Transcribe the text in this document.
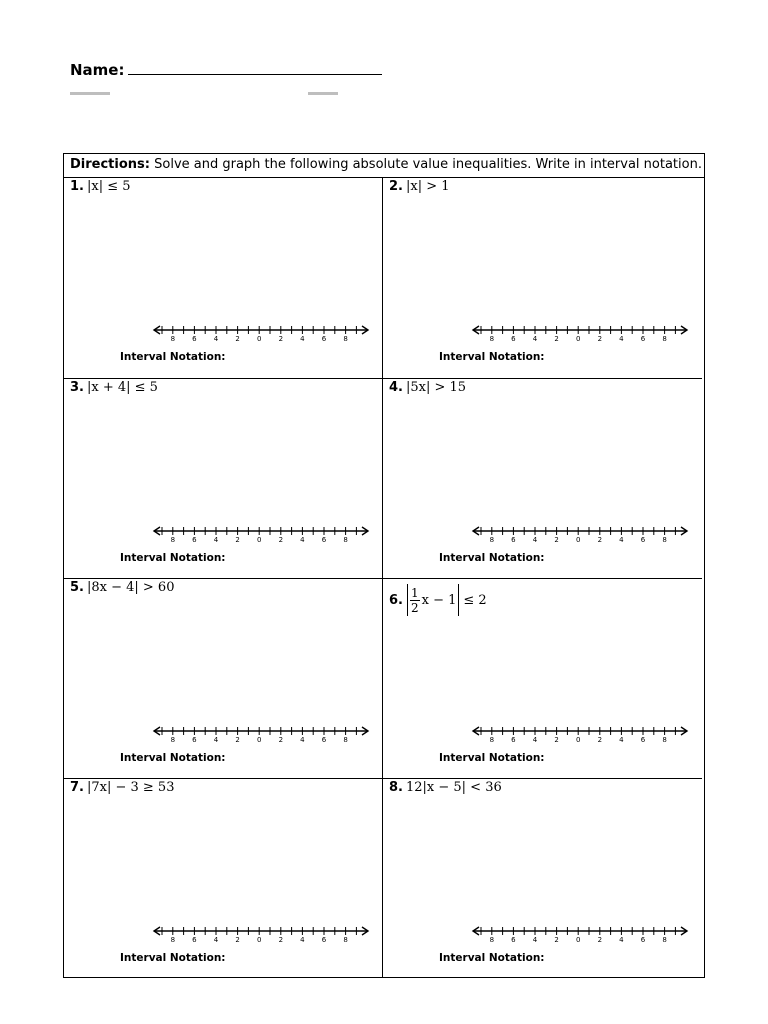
Name:
Directions: Solve and graph the following absolute value inequalities. Write in interval notation.
1. |x| ≤ 5
8 6 4 2 0 2 4 6 8
Interval Notation:
2. |x| > 1
8 6 4 2 0 2 4 6 8
Interval Notation:
3. |x + 4| ≤ 5
8 6 4 2 0 2 4 6 8
Interval Notation:
4. |5x| > 15
8 6 4 2 0 2 4 6 8
Interval Notation:
5. |8x − 4| > 60
8 6 4 2 0 2 4 6 8
Interval Notation:
6. $\frac{1}{2}$ x − 1 ≤ 2
8 6 4 2 0 2 4 6 8
Interval Notation:
7. |7x| − 3 ≥ 53
8 6 4 2 0 2 4 6 8
Interval Notation:
8. 12|x − 5| < 36
8 6 4 2 0 2 4 6 8
Interval Notation:
